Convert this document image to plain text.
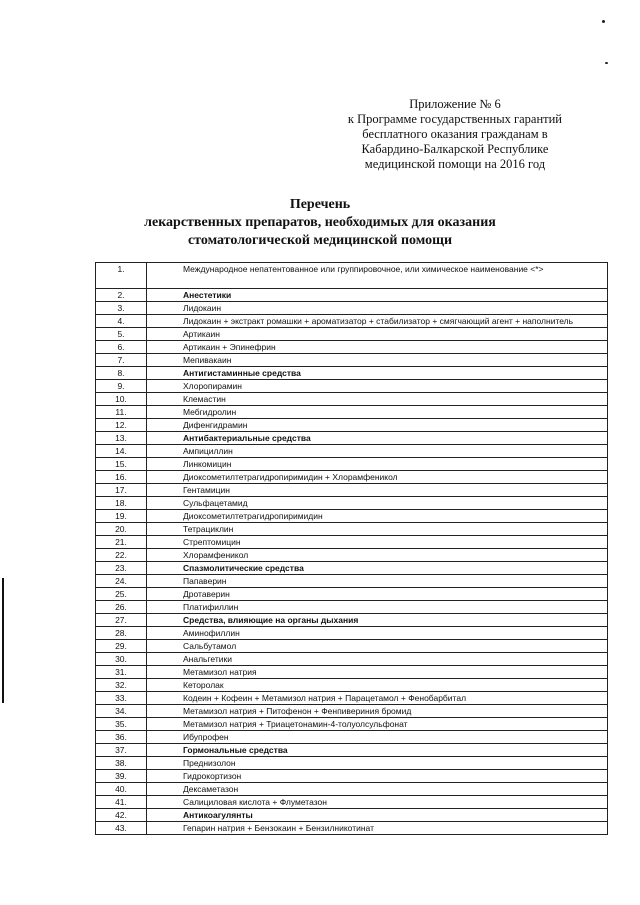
Приложение № 6
к Программе государственных гарантий
бесплатного оказания гражданам в
Кабардино-Балкарской Республике
медицинской помощи на 2016 год
Перечень
лекарственных препаратов, необходимых для оказания
стоматологической медицинской помощи
1.	Международное непатентованное или группировочное, или химическое наименование <*>
2.	Анестетики
3.	Лидокаин
4.	Лидокаин + экстракт ромашки + ароматизатор + стабилизатор + смягчающий агент + наполнитель
5.	Артикаин
6.	Артикаин + Эпинефрин
7.	Мепивакаин
8.	Антигистаминные средства
9.	Хлоропирамин
10.	Клемастин
11.	Мебгидролин
12.	Дифенгидрамин
13.	Антибактериальные средства
14.	Ампициллин
15.	Линкомицин
16.	Диоксометилтетрагидропиримидин + Хлорамфеникол
17.	Гентамицин
18.	Сульфацетамид
19.	Диоксометилтетрагидропиримидин
20.	Тетрациклин
21.	Стрептомицин
22.	Хлорамфеникол
23.	Спазмолитические средства
24.	Папаверин
25.	Дротаверин
26.	Платифиллин
27.	Средства, влияющие на органы дыхания
28.	Аминофиллин
29.	Сальбутамол
30.	Анальгетики
31.	Метамизол натрия
32.	Кеторолак
33.	Кодеин + Кофеин + Метамизол натрия + Парацетамол + Фенобарбитал
34.	Метамизол натрия + Питофенон + Фенпивериния бромид
35.	Метамизол натрия + Триацетонамин-4-толуолсульфонат
36.	Ибупрофен
37.	Гормональные средства
38.	Преднизолон
39.	Гидрокортизон
40.	Дексаметазон
41.	Салициловая кислота + Флуметазон
42.	Антикоагулянты
43.	Гепарин натрия + Бензокаин + Бензилникотинат
